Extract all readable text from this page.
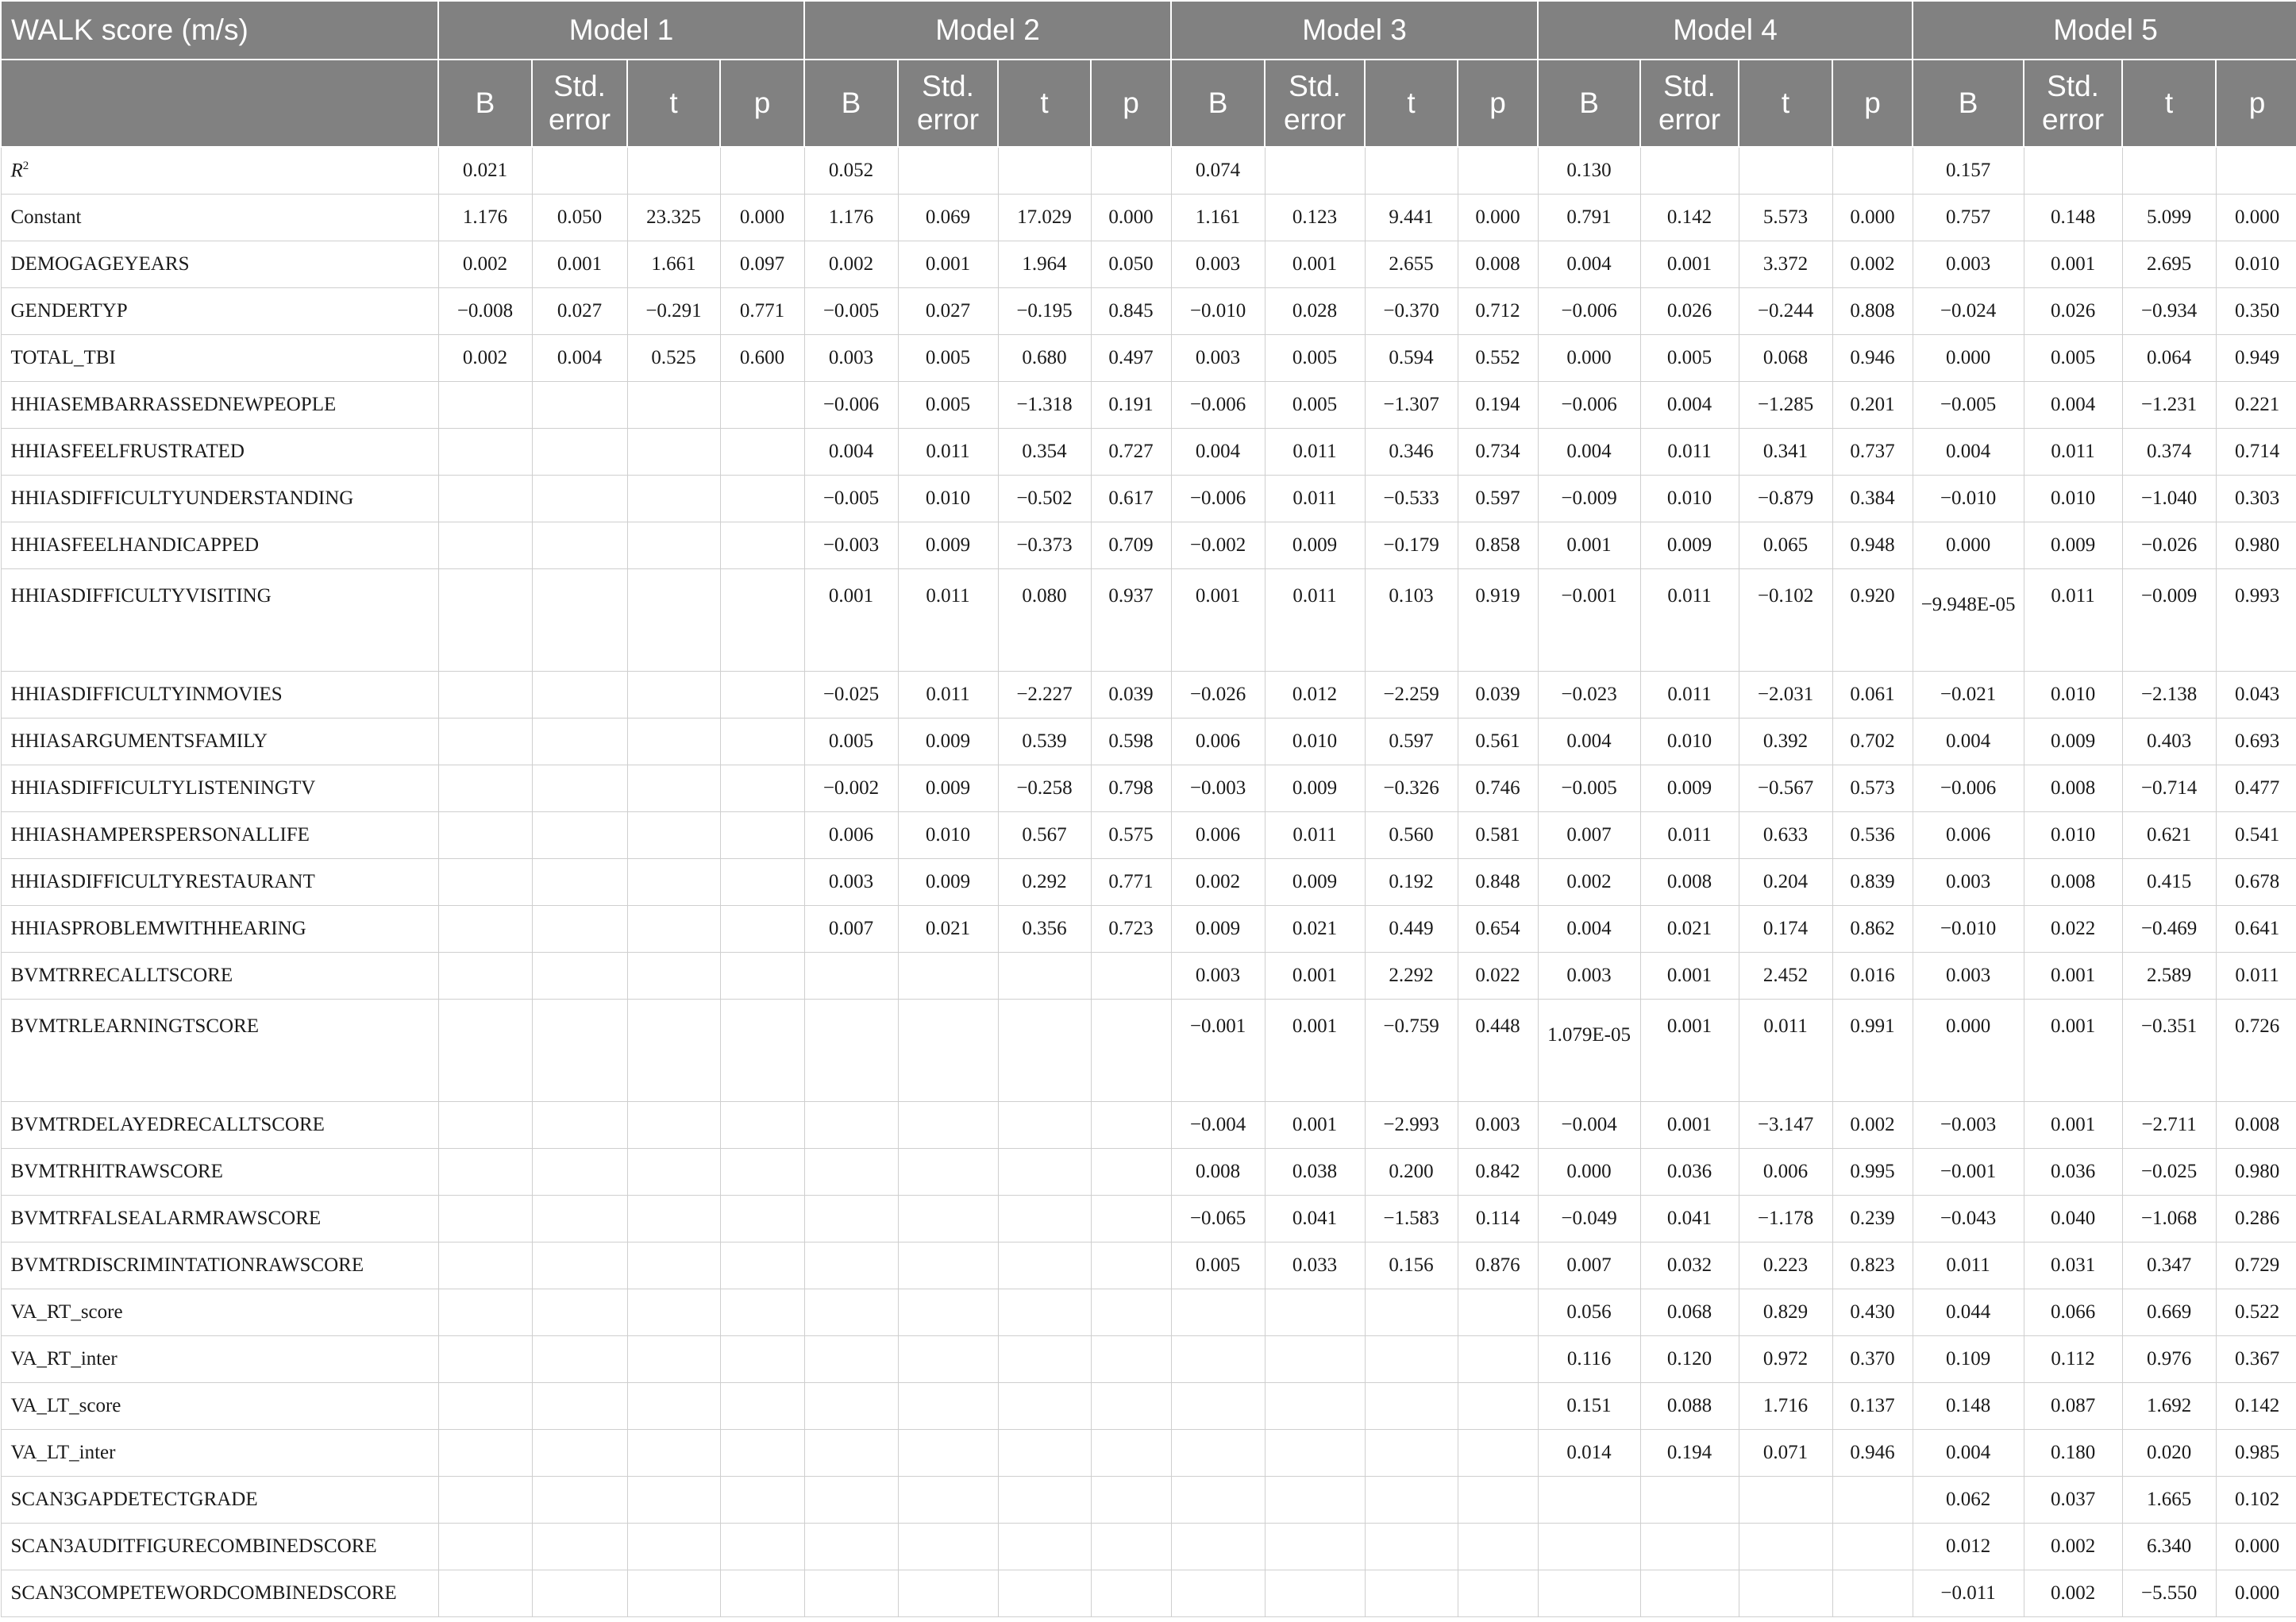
WALK score (m/s)	Model 1				Model 2				Model 3				Model 4				Model 5			
	B	Std. error	t	p	B	Std. error	t	p	B	Std. error	t	p	B	Std. error	t	p	B	Std. error	t	p
$R^2$	0.021				0.052				0.074				0.130				0.157			
Constant	1.176	0.050	23.325	0.000	1.176	0.069	17.029	0.000	1.161	0.123	9.441	0.000	0.791	0.142	5.573	0.000	0.757	0.148	5.099	0.000
DEMOGAGEYEARS	0.002	0.001	1.661	0.097	0.002	0.001	1.964	0.050	0.003	0.001	2.655	0.008	0.004	0.001	3.372	0.002	0.003	0.001	2.695	0.010
GENDERTYP	−0.008	0.027	−0.291	0.771	−0.005	0.027	−0.195	0.845	−0.010	0.028	−0.370	0.712	−0.006	0.026	−0.244	0.808	−0.024	0.026	−0.934	0.350
TOTAL_TBI	0.002	0.004	0.525	0.600	0.003	0.005	0.680	0.497	0.003	0.005	0.594	0.552	0.000	0.005	0.068	0.946	0.000	0.005	0.064	0.949
HHIASEMBARRASSEDNEWPEOPLE					−0.006	0.005	−1.318	0.191	−0.006	0.005	−1.307	0.194	−0.006	0.004	−1.285	0.201	−0.005	0.004	−1.231	0.221
HHIASFEELFRUSTRATED					0.004	0.011	0.354	0.727	0.004	0.011	0.346	0.734	0.004	0.011	0.341	0.737	0.004	0.011	0.374	0.714
HHIASDIFFICULTYUNDERSTANDING					−0.005	0.010	−0.502	0.617	−0.006	0.011	−0.533	0.597	−0.009	0.010	−0.879	0.384	−0.010	0.010	−1.040	0.303
HHIASFEELHANDICAPPED					−0.003	0.009	−0.373	0.709	−0.002	0.009	−0.179	0.858	0.001	0.009	0.065	0.948	0.000	0.009	−0.026	0.980
HHIASDIFFICULTYVISITING					0.001	0.011	0.080	0.937	0.001	0.011	0.103	0.919	−0.001	0.011	−0.102	0.920	−9.948E-05	0.011	−0.009	0.993
HHIASDIFFICULTYINMOVIES					−0.025	0.011	−2.227	0.039	−0.026	0.012	−2.259	0.039	−0.023	0.011	−2.031	0.061	−0.021	0.010	−2.138	0.043
HHIASARGUMENTSFAMILY					0.005	0.009	0.539	0.598	0.006	0.010	0.597	0.561	0.004	0.010	0.392	0.702	0.004	0.009	0.403	0.693
HHIASDIFFICULTYLISTENINGTV					−0.002	0.009	−0.258	0.798	−0.003	0.009	−0.326	0.746	−0.005	0.009	−0.567	0.573	−0.006	0.008	−0.714	0.477
HHIASHAMPERSPERSONALLIFE					0.006	0.010	0.567	0.575	0.006	0.011	0.560	0.581	0.007	0.011	0.633	0.536	0.006	0.010	0.621	0.541
HHIASDIFFICULTYRESTAURANT					0.003	0.009	0.292	0.771	0.002	0.009	0.192	0.848	0.002	0.008	0.204	0.839	0.003	0.008	0.415	0.678
HHIASPROBLEMWITHHEARING					0.007	0.021	0.356	0.723	0.009	0.021	0.449	0.654	0.004	0.021	0.174	0.862	−0.010	0.022	−0.469	0.641
BVMTRRECALLTSCORE									0.003	0.001	2.292	0.022	0.003	0.001	2.452	0.016	0.003	0.001	2.589	0.011
BVMTRLEARNINGTSCORE									−0.001	0.001	−0.759	0.448	1.079E-05	0.001	0.011	0.991	0.000	0.001	−0.351	0.726
BVMTRDELAYEDRECALLTSCORE									−0.004	0.001	−2.993	0.003	−0.004	0.001	−3.147	0.002	−0.003	0.001	−2.711	0.008
BVMTRHITRAWSCORE									0.008	0.038	0.200	0.842	0.000	0.036	0.006	0.995	−0.001	0.036	−0.025	0.980
BVMTRFALSEALARMRAWSCORE									−0.065	0.041	−1.583	0.114	−0.049	0.041	−1.178	0.239	−0.043	0.040	−1.068	0.286
BVMTRDISCRIMINTATIONRAWSCORE									0.005	0.033	0.156	0.876	0.007	0.032	0.223	0.823	0.011	0.031	0.347	0.729
VA_RT_score													0.056	0.068	0.829	0.430	0.044	0.066	0.669	0.522
VA_RT_inter													0.116	0.120	0.972	0.370	0.109	0.112	0.976	0.367
VA_LT_score													0.151	0.088	1.716	0.137	0.148	0.087	1.692	0.142
VA_LT_inter													0.014	0.194	0.071	0.946	0.004	0.180	0.020	0.985
SCAN3GAPDETECTGRADE																	0.062	0.037	1.665	0.102
SCAN3AUDITFIGURECOMBINEDSCORE																	0.012	0.002	6.340	0.000
SCAN3COMPETEWORDCOMBINEDSCORE																	−0.011	0.002	−5.550	0.000
